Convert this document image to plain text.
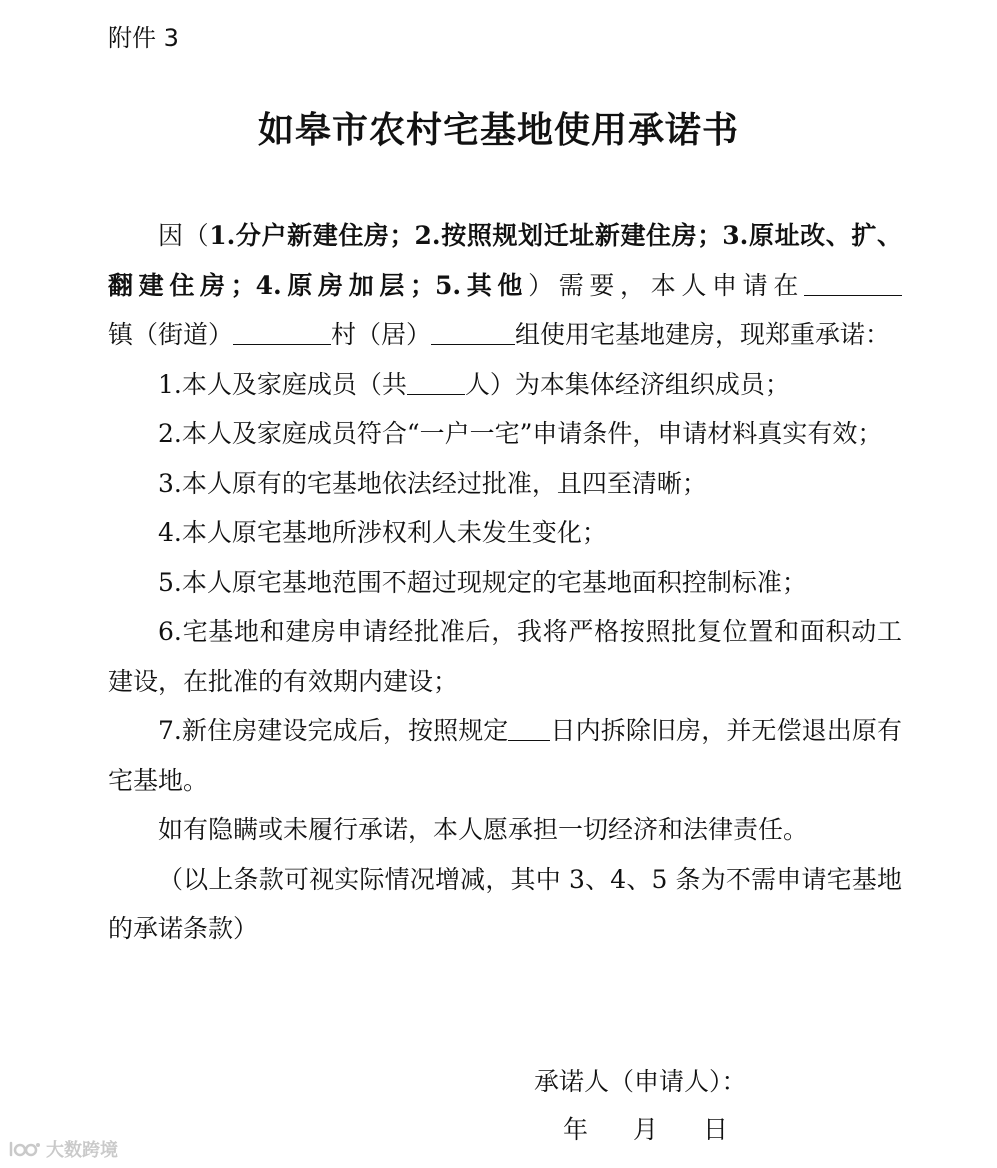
附件 3
如皋市农村宅基地使用承诺书

因（1.分户新建住房；2.按照规划迁址新建住房；3.原址改、扩、翻建住房；4.原房加层；5.其他）需要，本人申请在镇（街道）	村（居）	组使用宅基地建房，现郑重承诺：

1.本人及家庭成员（共 人）为本集体经济组织成员；

2.本人及家庭成员符合“一户一宅”申请条件，申请材料真实有效；

3.本人原有的宅基地依法经过批准，且四至清晰；

4.本人原宅基地所涉权利人未发生变化；

5.本人原宅基地范围不超过现规定的宅基地面积控制标准；

6.宅基地和建房申请经批准后，我将严格按照批复位置和面积动工建设，在批准的有效期内建设；

7.新住房建设完成后，按照规定 日内拆除旧房，并无偿退出原有宅基地。

如有隐瞒或未履行承诺，本人愿承担一切经济和法律责任。

（以上条款可视实际情况增减，其中 3、4、5 条为不需申请宅基地的承诺条款）

承诺人（申请人）：
年 月 日
大数跨境
